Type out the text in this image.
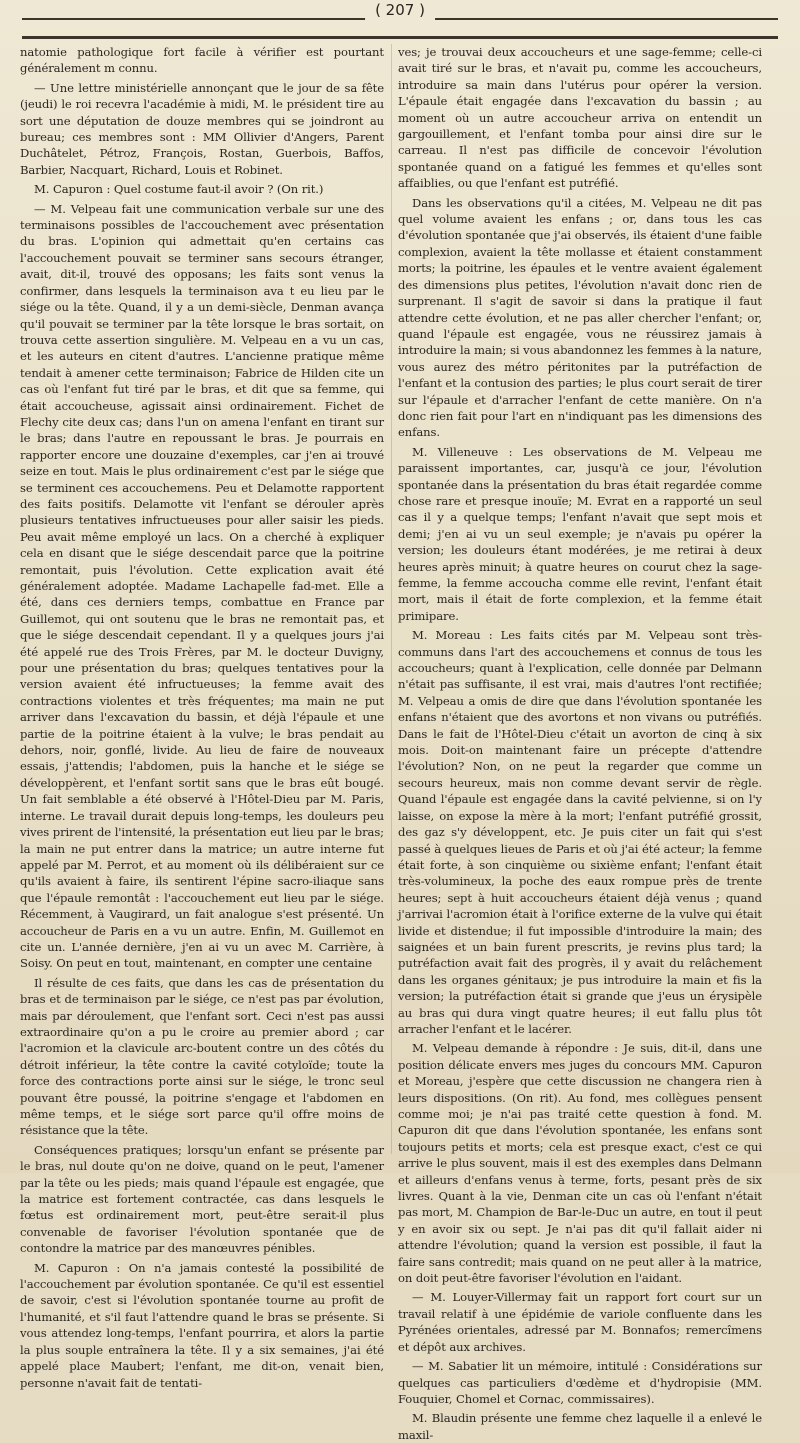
( 207 )

natomie pathologique fort facile à vérifier est pourtant généralement m connu.

— Une lettre ministérielle annonçant que le jour de sa fête (jeudi) le roi recevra l'académie à midi, M. le président tire au sort une députation de douze membres qui se joindront au bureau; ces membres sont : MM Ollivier d'Angers, Parent Duchâtelet, Pétroz, François, Rostan, Guerbois, Baffos, Barbier, Nacquart, Richard, Louis et Robinet.

M. Capuron : Quel costume faut-il avoir ? (On rit.)

— M. Velpeau fait une communication verbale sur une des terminaisons possibles de l'accouchement avec présentation du bras. L'opinion qui admettait qu'en certains cas l'accouchement pouvait se terminer sans secours étranger, avait, dit-il, trouvé des opposans; les faits sont venus la confirmer, dans lesquels la terminaison ava t eu lieu par le siége ou la tête. Quand, il y a un demi-siècle, Denman avança qu'il pouvait se terminer par la tête lorsque le bras sortait, on trouva cette assertion singulière. M. Velpeau en a vu un cas, et les auteurs en citent d'autres. L'ancienne pratique même tendait à amener cette terminaison; Fabrice de Hilden cite un cas où l'enfant fut tiré par le bras, et dit que sa femme, qui était accoucheuse, agissait ainsi ordinairement. Fichet de Flechy cite deux cas; dans l'un on amena l'enfant en tirant sur le bras; dans l'autre en repoussant le bras. Je pourrais en rapporter encore une douzaine d'exemples, car j'en ai trouvé seize en tout. Mais le plus ordinairement c'est par le siége que se terminent ces accouchemens. Peu et Delamotte rapportent des faits positifs. Delamotte vit l'enfant se dérouler après plusieurs tentatives infructueuses pour aller saisir les pieds. Peu avait même employé un lacs. On a cherché à expliquer cela en disant que le siége descendait parce que la poitrine remontait, puis l'évolution. Cette explication avait été généralement adoptée. Madame Lachapelle fad-met. Elle a été, dans ces derniers temps, combattue en France par Guillemot, qui ont soutenu que le bras ne remontait pas, et que le siége descendait cependant. Il y a quelques jours j'ai été appelé rue des Trois Frères, par M. le docteur Duvigny, pour une présentation du bras; quelques tentatives pour la version avaient été infructueuses; la femme avait des contractions violentes et très fréquentes; ma main ne put arriver dans l'excavation du bassin, et déjà l'épaule et une partie de la poitrine étaient à la vulve; le bras pendait au dehors, noir, gonflé, livide. Au lieu de faire de nouveaux essais, j'attendis; l'abdomen, puis la hanche et le siége se développèrent, et l'enfant sortit sans que le bras eût bougé. Un fait semblable a été observé à l'Hôtel-Dieu par M. Paris, interne. Le travail durait depuis long-temps, les douleurs peu vives prirent de l'intensité, la présentation eut lieu par le bras; la main ne put entrer dans la matrice; un autre interne fut appelé par M. Perrot, et au moment où ils délibéraient sur ce qu'ils avaient à faire, ils sentirent l'épine sacro-iliaque sans que l'épaule remontât : l'accouchement eut lieu par le siége. Récemment, à Vaugirard, un fait analogue s'est présenté. Un accoucheur de Paris en a vu un autre. Enfin, M. Guillemot en cite un. L'année dernière, j'en ai vu un avec M. Carrière, à Soisy. On peut en tout, maintenant, en compter une centaine

Il résulte de ces faits, que dans les cas de présentation du bras et de terminaison par le siége, ce n'est pas par évolution, mais par déroulement, que l'enfant sort. Ceci n'est pas aussi extraordinaire qu'on a pu le croire au premier abord ; car l'acromion et la clavicule arc-boutent contre un des côtés du détroit inférieur, la tête contre la cavité cotyloïde; toute la force des contractions porte ainsi sur le siége, le tronc seul pouvant être poussé, la poitrine s'engage et l'abdomen en même temps, et le siége sort parce qu'il offre moins de résistance que la tête.

Conséquences pratiques; lorsqu'un enfant se présente par le bras, nul doute qu'on ne doive, quand on le peut, l'amener par la tête ou les pieds; mais quand l'épaule est engagée, que la matrice est fortement contractée, cas dans lesquels le fœtus est ordinairement mort, peut-être serait-il plus convenable de favoriser l'évolution spontanée que de contondre la matrice par des manœuvres pénibles.

M. Capuron : On n'a jamais contesté la possibilité de l'accouchement par évolution spontanée. Ce qu'il est essentiel de savoir, c'est si l'évolution spontanée tourne au profit de l'humanité, et s'il faut l'attendre quand le bras se présente. Si vous attendez long-temps, l'enfant pourrira, et alors la partie la plus souple entraînera la tête. Il y a six semaines, j'ai été appelé place Maubert; l'enfant, me dit-on, venait bien, personne n'avait fait de tentati-

ves; je trouvai deux accoucheurs et une sage-femme; celle-ci avait tiré sur le bras, et n'avait pu, comme les accoucheurs, introduire sa main dans l'utérus pour opérer la version. L'épaule était engagée dans l'excavation du bassin ; au moment où un autre accoucheur arriva on entendit un gargouillement, et l'enfant tomba pour ainsi dire sur le carreau. Il n'est pas difficile de concevoir l'évolution spontanée quand on a fatigué les femmes et qu'elles sont affaiblies, ou que l'enfant est putréfié.

Dans les observations qu'il a citées, M. Velpeau ne dit pas quel volume avaient les enfans ; or, dans tous les cas d'évolution spontanée que j'ai observés, ils étaient d'une faible complexion, avaient la tête mollasse et étaient constamment morts; la poitrine, les épaules et le ventre avaient également des dimensions plus petites, l'évolution n'avait donc rien de surprenant. Il s'agit de savoir si dans la pratique il faut attendre cette évolution, et ne pas aller chercher l'enfant; or, quand l'épaule est engagée, vous ne réussirez jamais à introduire la main; si vous abandonnez les femmes à la nature, vous aurez des métro péritonites par la putréfaction de l'enfant et la contusion des parties; le plus court serait de tirer sur l'épaule et d'arracher l'enfant de cette manière. On n'a donc rien fait pour l'art en n'indiquant pas les dimensions des enfans.

M. Villeneuve : Les observations de M. Velpeau me paraissent importantes, car, jusqu'à ce jour, l'évolution spontanée dans la présentation du bras était regardée comme chose rare et presque inouïe; M. Evrat en a rapporté un seul cas il y a quelque temps; l'enfant n'avait que sept mois et demi; j'en ai vu un seul exemple; je n'avais pu opérer la version; les douleurs étant modérées, je me retirai à deux heures après minuit; à quatre heures on courut chez la sage-femme, la femme accoucha comme elle revint, l'enfant était mort, mais il était de forte complexion, et la femme était primipare.

M. Moreau : Les faits cités par M. Velpeau sont très-communs dans l'art des accouchemens et connus de tous les accoucheurs; quant à l'explication, celle donnée par Delmann n'était pas suffisante, il est vrai, mais d'autres l'ont rectifiée; M. Velpeau a omis de dire que dans l'évolution spontanée les enfans n'étaient que des avortons et non vivans ou putréfiés. Dans le fait de l'Hôtel-Dieu c'était un avorton de cinq à six mois. Doit-on maintenant faire un précepte d'attendre l'évolution? Non, on ne peut la regarder que comme un secours heureux, mais non comme devant servir de règle. Quand l'épaule est engagée dans la cavité pelvienne, si on l'y laisse, on expose la mère à la mort; l'enfant putréfié grossit, des gaz s'y développent, etc. Je puis citer un fait qui s'est passé à quelques lieues de Paris et où j'ai été acteur; la femme était forte, à son cinquième ou sixième enfant; l'enfant était très-volumineux, la poche des eaux rompue près de trente heures; sept à huit accoucheurs étaient déjà venus ; quand j'arrivai l'acromion était à l'orifice externe de la vulve qui était livide et distendue; il fut impossible d'introduire la main; des saignées et un bain furent prescrits, je revins plus tard; la putréfaction avait fait des progrès, il y avait du relâchement dans les organes génitaux; je pus introduire la main et fis la version; la putréfaction était si grande que j'eus un érysipèle au bras qui dura vingt quatre heures; il eut fallu plus tôt arracher l'enfant et le lacérer.

M. Velpeau demande à répondre : Je suis, dit-il, dans une position délicate envers mes juges du concours MM. Capuron et Moreau, j'espère que cette discussion ne changera rien à leurs dispositions. (On rit). Au fond, mes collègues pensent comme moi; je n'ai pas traité cette question à fond. M. Capuron dit que dans l'évolution spontanée, les enfans sont toujours petits et morts; cela est presque exact, c'est ce qui arrive le plus souvent, mais il est des exemples dans Delmann et ailleurs d'enfans venus à terme, forts, pesant près de six livres. Quant à la vie, Denman cite un cas où l'enfant n'était pas mort, M. Champion de Bar-le-Duc un autre, en tout il peut y en avoir six ou sept. Je n'ai pas dit qu'il fallait aider ni attendre l'évolution; quand la version est possible, il faut la faire sans contredit; mais quand on ne peut aller à la matrice, on doit peut-être favoriser l'évolution en l'aidant.

— M. Louyer-Villermay fait un rapport fort court sur un travail relatif à une épidémie de variole confluente dans les Pyrénées orientales, adressé par M. Bonnafos; remercîmens et dépôt aux archives.

— M. Sabatier lit un mémoire, intitulé : Considérations sur quelques cas particuliers d'œdème et d'hydropisie (MM. Fouquier, Chomel et Cornac, commissaires).

M. Blaudin présente une femme chez laquelle il a enlevé le maxil-
